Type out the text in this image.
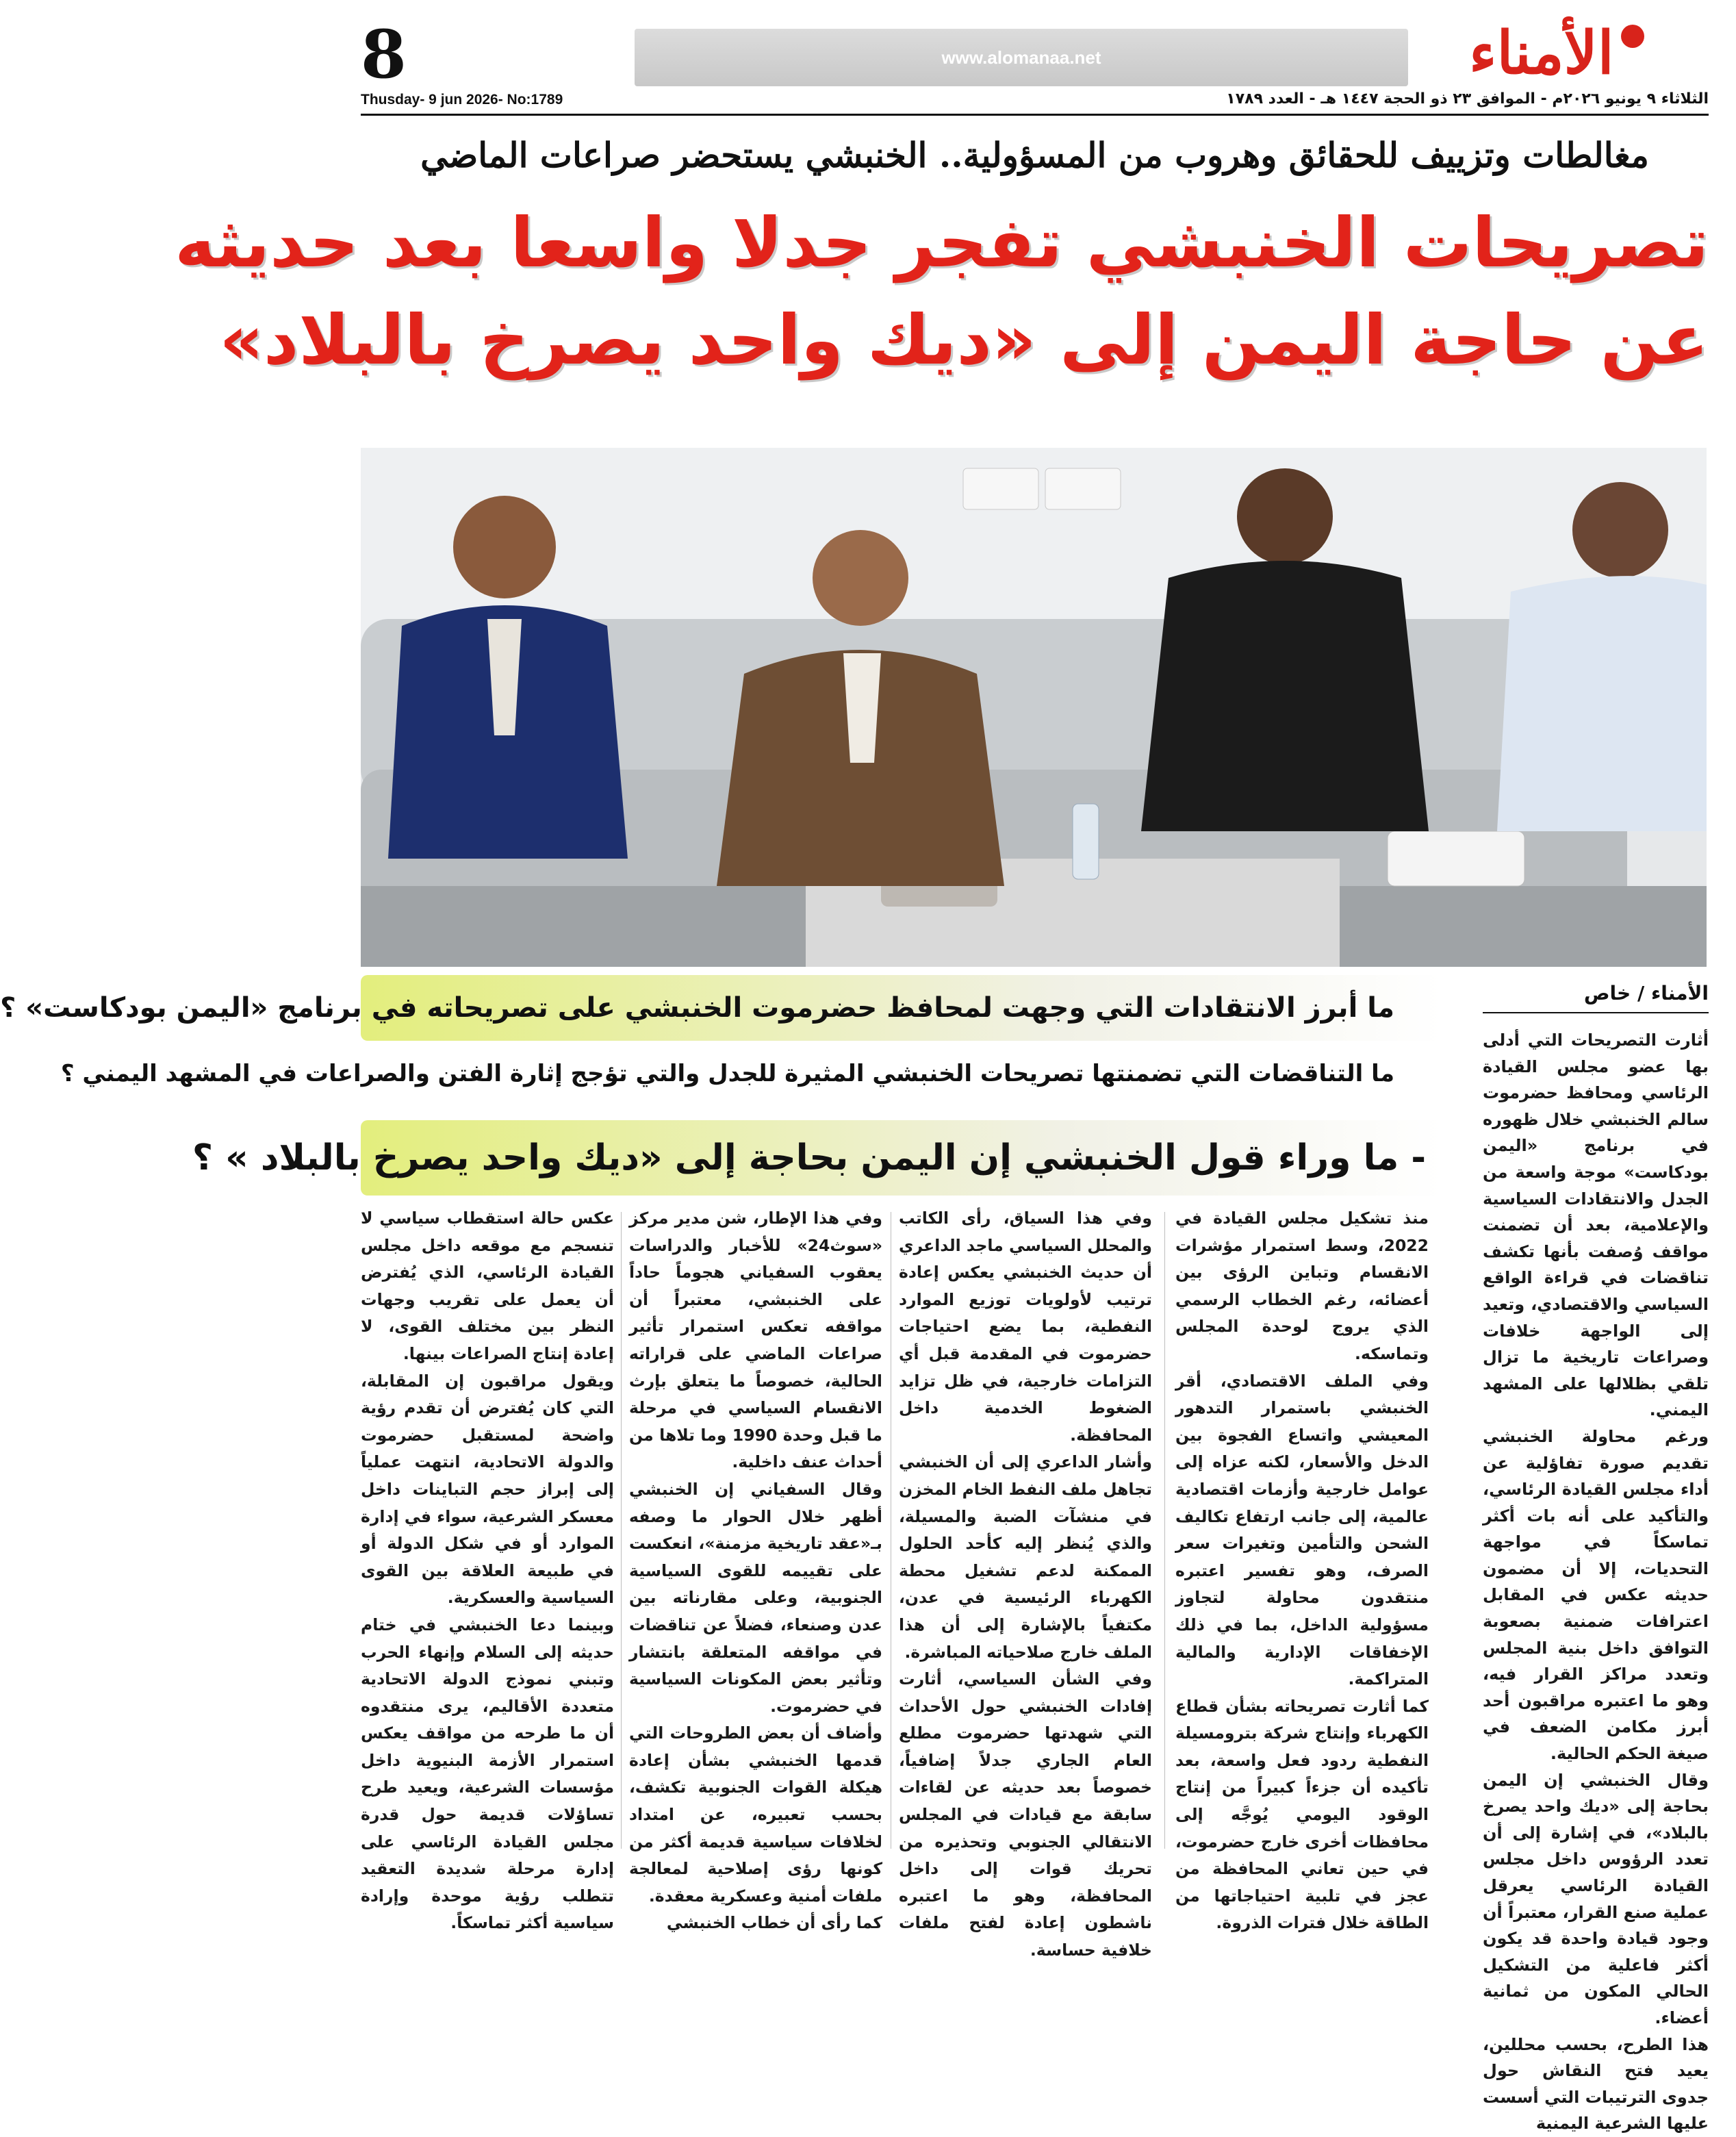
8	www.alomanaa.net	الأمناء
Thusday- 9 jun 2026- No:1789	الثلاثاء ٩ يونيو ٢٠٢٦م - الموافق ٢٣ ذو الحجة ١٤٤٧ هـ - العدد ١٧٨٩
مغالطات وتزييف للحقائق وهروب من المسؤولية.. الخنبشي يستحضر صراعات الماضي
تصريحات الخنبشي تفجر جدلا واسعا بعد حديثه
عن حاجة اليمن إلى «ديك واحد يصرخ بالبلاد»
الأمناء / خاص
ما أبرز الانتقادات التي وجهت لمحافظ حضرموت الخنبشي على تصريحاته في برنامج «اليمن بودكاست» ؟
ما التناقضات التي تضمنتها تصريحات الخنبشي المثيرة للجدل والتي تؤجج إثارة الفتن والصراعات في المشهد اليمني ؟
- ما وراء قول الخنبشي إن اليمن بحاجة إلى «ديك واحد يصرخ بالبلاد » ؟
أثارت التصريحات التي أدلى بها عضو مجلس القيادة الرئاسي ومحافظ حضرموت سالم الخنبشي خلال ظهوره في برنامج «اليمن بودكاست» موجة واسعة من الجدل والانتقادات السياسية والإعلامية، بعد أن تضمنت مواقف وُصفت بأنها تكشف تناقضات في قراءة الواقع السياسي والاقتصادي، وتعيد إلى الواجهة خلافات وصراعات تاريخية ما تزال تلقي بظلالها على المشهد اليمني.
ورغم محاولة الخنبشي تقديم صورة تفاؤلية عن أداء مجلس القيادة الرئاسي، والتأكيد على أنه بات أكثر تماسكاً في مواجهة التحديات، إلا أن مضمون حديثه عكس في المقابل اعترافات ضمنية بصعوبة التوافق داخل بنية المجلس وتعدد مراكز القرار فيه، وهو ما اعتبره مراقبون أحد أبرز مكامن الضعف في صيغة الحكم الحالية.
وقال الخنبشي إن اليمن بحاجة إلى «ديك واحد يصرخ بالبلاد»، في إشارة إلى أن تعدد الرؤوس داخل مجلس القيادة الرئاسي يعرقل عملية صنع القرار، معتبراً أن وجود قيادة واحدة قد يكون أكثر فاعلية من التشكيل الحالي المكون من ثمانية أعضاء.
هذا الطرح، بحسب محللين، يعيد فتح النقاش حول جدوى الترتيبات التي أسست عليها الشرعية اليمنية
منذ تشكيل مجلس القيادة في 2022، وسط استمرار مؤشرات الانقسام وتباين الرؤى بين أعضائه، رغم الخطاب الرسمي الذي يروج لوحدة المجلس وتماسكه.
وفي الملف الاقتصادي، أقر الخنبشي باستمرار التدهور المعيشي واتساع الفجوة بين الدخل والأسعار، لكنه عزاه إلى عوامل خارجية وأزمات اقتصادية عالمية، إلى جانب ارتفاع تكاليف الشحن والتأمين وتغيرات سعر الصرف، وهو تفسير اعتبره منتقدون محاولة لتجاوز مسؤولية الداخل، بما في ذلك الإخفاقات الإدارية والمالية المتراكمة.
كما أثارت تصريحاته بشأن قطاع الكهرباء وإنتاج شركة بترومسيلة النفطية ردود فعل واسعة، بعد تأكيده أن جزءاً كبيراً من إنتاج الوقود اليومي يُوجَّه إلى محافظات أخرى خارج حضرموت، في حين تعاني المحافظة من عجز في تلبية احتياجاتها من الطاقة خلال فترات الذروة.
وفي هذا السياق، رأى الكاتب والمحلل السياسي ماجد الداعري أن حديث الخنبشي يعكس إعادة ترتيب لأولويات توزيع الموارد النفطية، بما يضع احتياجات حضرموت في المقدمة قبل أي التزامات خارجية، في ظل تزايد الضغوط الخدمية داخل المحافظة.
وأشار الداعري إلى أن الخنبشي تجاهل ملف النفط الخام المخزن في منشآت الضبة والمسيلة، والذي يُنظر إليه كأحد الحلول الممكنة لدعم تشغيل محطة الكهرباء الرئيسية في عدن، مكتفياً بالإشارة إلى أن هذا الملف خارج صلاحياته المباشرة.
وفي الشأن السياسي، أثارت إفادات الخنبشي حول الأحداث التي شهدتها حضرموت مطلع العام الجاري جدلاً إضافياً، خصوصاً بعد حديثه عن لقاءات سابقة مع قيادات في المجلس الانتقالي الجنوبي وتحذيره من تحريك قوات إلى داخل المحافظة، وهو ما اعتبره ناشطون إعادة لفتح ملفات خلافية حساسة.
وفي هذا الإطار، شن مدير مركز «سوث24» للأخبار والدراسات يعقوب السفياني هجوماً حاداً على الخنبشي، معتبراً أن مواقفه تعكس استمرار تأثير صراعات الماضي على قراراته الحالية، خصوصاً ما يتعلق بإرث الانقسام السياسي في مرحلة ما قبل وحدة 1990 وما تلاها من أحداث عنف داخلية.
وقال السفياني إن الخنبشي أظهر خلال الحوار ما وصفه بـ«عقد تاريخية مزمنة»، انعكست على تقييمه للقوى السياسية الجنوبية، وعلى مقارناته بين عدن وصنعاء، فضلاً عن تناقضات في مواقفه المتعلقة بانتشار وتأثير بعض المكونات السياسية في حضرموت.
وأضاف أن بعض الطروحات التي قدمها الخنبشي بشأن إعادة هيكلة القوات الجنوبية تكشف، بحسب تعبيره، عن امتداد لخلافات سياسية قديمة أكثر من كونها رؤى إصلاحية لمعالجة ملفات أمنية وعسكرية معقدة.
كما رأى أن خطاب الخنبشي
عكس حالة استقطاب سياسي لا تنسجم مع موقعه داخل مجلس القيادة الرئاسي، الذي يُفترض أن يعمل على تقريب وجهات النظر بين مختلف القوى، لا إعادة إنتاج الصراعات بينها.
ويقول مراقبون إن المقابلة، التي كان يُفترض أن تقدم رؤية واضحة لمستقبل حضرموت والدولة الاتحادية، انتهت عملياً إلى إبراز حجم التباينات داخل معسكر الشرعية، سواء في إدارة الموارد أو في شكل الدولة أو في طبيعة العلاقة بين القوى السياسية والعسكرية.
وبينما دعا الخنبشي في ختام حديثه إلى السلام وإنهاء الحرب وتبني نموذج الدولة الاتحادية متعددة الأقاليم، يرى منتقدوه أن ما طرحه من مواقف يعكس استمرار الأزمة البنيوية داخل مؤسسات الشرعية، ويعيد طرح تساؤلات قديمة حول قدرة مجلس القيادة الرئاسي على إدارة مرحلة شديدة التعقيد تتطلب رؤية موحدة وإرادة سياسية أكثر تماسكاً.
